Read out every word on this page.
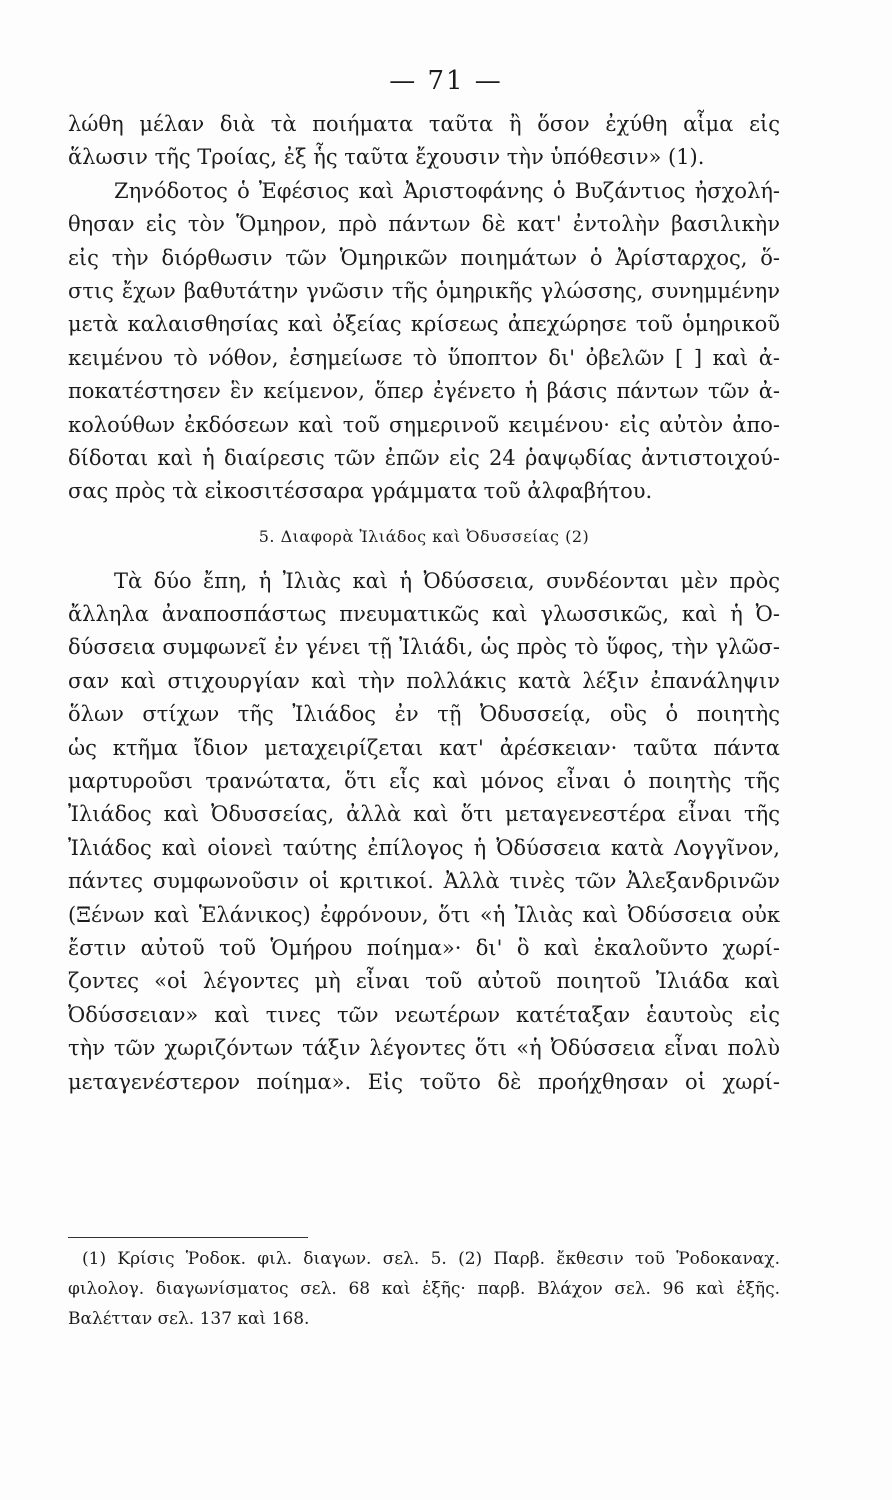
— 71 —
λώθη μέλαν διὰ τὰ ποιήματα ταῦτα ἢ ὅσον ἐχύθη αἷμα εἰς
ἅλωσιν τῆς Τροίας, ἐξ ἧς ταῦτα ἔχουσιν τὴν ὑπόθεσιν» (1).
Ζηνόδοτος ὁ Ἐφέσιος καὶ Ἀριστοφάνης ὁ Βυζάντιος ἠσχολή-
θησαν εἰς τὸν Ὅμηρον, πρὸ πάντων δὲ κατ' ἐντολὴν βασιλικὴν
εἰς τὴν διόρθωσιν τῶν Ὁμηρικῶν ποιημάτων ὁ Ἀρίσταρχος, ὅ-
στις ἔχων βαθυτάτην γνῶσιν τῆς ὁμηρικῆς γλώσσης, συνημμένην
μετὰ καλαισθησίας καὶ ὀξείας κρίσεως ἀπεχώρησε τοῦ ὁμηρικοῦ
κειμένου τὸ νόθον, ἐσημείωσε τὸ ὕποπτον δι' ὀβελῶν [ ] καὶ ἀ-
ποκατέστησεν ἓν κείμενον, ὅπερ ἐγένετο ἡ βάσις πάντων τῶν ἀ-
κολούθων ἐκδόσεων καὶ τοῦ σημερινοῦ κειμένου· εἰς αὐτὸν ἀπο-
δίδοται καὶ ἡ διαίρεσις τῶν ἐπῶν εἰς 24 ῥαψῳδίας ἀντιστοιχού-
σας πρὸς τὰ εἰκοσιτέσσαρα γράμματα τοῦ ἀλφαβήτου.
5. Διαφορὰ Ἰλιάδος καὶ Ὀδυσσείας (2)
Τὰ δύο ἔπη, ἡ Ἰλιὰς καὶ ἡ Ὀδύσσεια, συνδέονται μὲν πρὸς
ἄλληλα ἀναποσπάστως πνευματικῶς καὶ γλωσσικῶς, καὶ ἡ Ὀ-
δύσσεια συμφωνεῖ ἐν γένει τῇ Ἰλιάδι, ὡς πρὸς τὸ ὕφος, τὴν γλῶσ-
σαν καὶ στιχουργίαν καὶ τὴν πολλάκις κατὰ λέξιν ἐπανάληψιν
ὅλων στίχων τῆς Ἰλιάδος ἐν τῇ Ὀδυσσείᾳ, οὓς ὁ ποιητὴς
ὡς κτῆμα ἴδιον μεταχειρίζεται κατ' ἀρέσκειαν· ταῦτα πάντα
μαρτυροῦσι τρανώτατα, ὅτι εἷς καὶ μόνος εἶναι ὁ ποιητὴς τῆς
Ἰλιάδος καὶ Ὀδυσσείας, ἀλλὰ καὶ ὅτι μεταγενεστέρα εἶναι τῆς
Ἰλιάδος καὶ οἱονεὶ ταύτης ἐπίλογος ἡ Ὀδύσσεια κατὰ Λογγῖνον,
πάντες συμφωνοῦσιν οἱ κριτικοί. Ἀλλὰ τινὲς τῶν Ἀλεξανδρινῶν
(Ξένων καὶ Ἑλάνικος) ἐφρόνουν, ὅτι «ἡ Ἰλιὰς καὶ Ὀδύσσεια οὐκ
ἔστιν αὐτοῦ τοῦ Ὁμήρου ποίημα»· δι' ὃ καὶ ἐκαλοῦντο χωρί-
ζοντες «οἱ λέγοντες μὴ εἶναι τοῦ αὐτοῦ ποιητοῦ Ἰλιάδα καὶ
Ὀδύσσειαν» καὶ τινες τῶν νεωτέρων κατέταξαν ἑαυτοὺς εἰς
τὴν τῶν χωριζόντων τάξιν λέγοντες ὅτι «ἡ Ὀδύσσεια εἶναι πολὺ
μεταγενέστερον ποίημα». Εἰς τοῦτο δὲ προήχθησαν οἱ χωρί-
(1) Κρίσις Ῥοδοκ. φιλ. διαγων. σελ. 5. (2) Παρβ. ἔκθεσιν τοῦ Ῥοδοκαναχ.
φιλολογ. διαγωνίσματος σελ. 68 καὶ ἑξῆς· παρβ. Βλάχον σελ. 96 καὶ ἑξῆς.
Βαλέτταν σελ. 137 καὶ 168.
